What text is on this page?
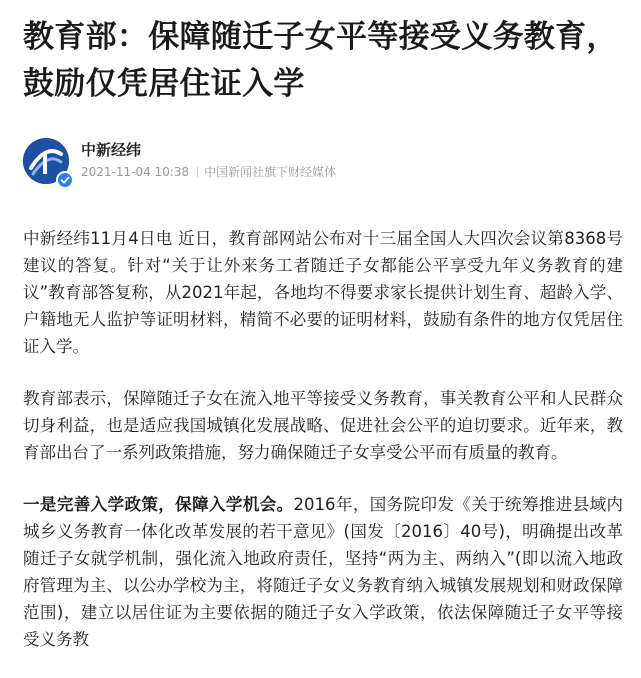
教育部：保障随迁子女平等接受义务教育，鼓励仅凭居住证入学
中新经纬
2021-11-04 10:38 中国新闻社旗下财经媒体

中新经纬11月4日电 近日，教育部网站公布对十三届全国人大四次会议第8368号建议的答复。针对“关于让外来务工者随迁子女都能公平享受九年义务教育的建议”教育部答复称，从2021年起，各地均不得要求家长提供计划生育、超龄入学、户籍地无人监护等证明材料，精简不必要的证明材料，鼓励有条件的地方仅凭居住证入学。

教育部表示，保障随迁子女在流入地平等接受义务教育，事关教育公平和人民群众切身利益，也是适应我国城镇化发展战略、促进社会公平的迫切要求。近年来，教育部出台了一系列政策措施，努力确保随迁子女享受公平而有质量的教育。

一是完善入学政策，保障入学机会。2016年，国务院印发《关于统筹推进县域内城乡义务教育一体化改革发展的若干意见》(国发〔2016〕40号)，明确提出改革随迁子女就学机制，强化流入地政府责任，坚持“两为主、两纳入”(即以流入地政府管理为主、以公办学校为主，将随迁子女义务教育纳入城镇发展规划和财政保障范围)，建立以居住证为主要依据的随迁子女入学政策，依法保障随迁子女平等接受义务教
